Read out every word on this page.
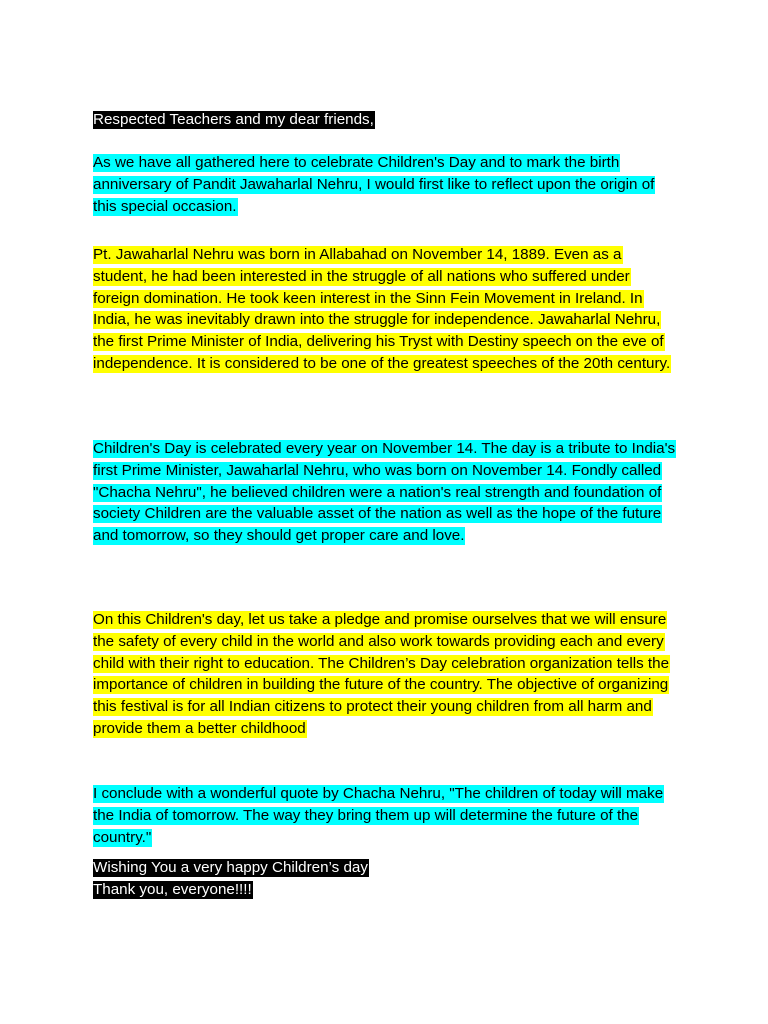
Respected Teachers and my dear friends,

As we have all gathered here to celebrate Children's Day and to mark the birth anniversary of Pandit Jawaharlal Nehru, I would first like to reflect upon the origin of this special occasion.

Pt. Jawaharlal Nehru was born in Allabahad on November 14, 1889. Even as a student, he had been interested in the struggle of all nations who suffered under foreign domination. He took keen interest in the Sinn Fein Movement in Ireland. In India, he was inevitably drawn into the struggle for independence. Jawaharlal Nehru, the first Prime Minister of India, delivering his Tryst with Destiny speech on the eve of independence. It is considered to be one of the greatest speeches of the 20th century.

Children's Day is celebrated every year on November 14. The day is a tribute to India's first Prime Minister, Jawaharlal Nehru, who was born on November 14. Fondly called "Chacha Nehru", he believed children were a nation's real strength and foundation of society Children are the valuable asset of the nation as well as the hope of the future and tomorrow, so they should get proper care and love.

On this Children's day, let us take a pledge and promise ourselves that we will ensure the safety of every child in the world and also work towards providing each and every child with their right to education. The Children’s Day celebration organization tells the importance of children in building the future of the country. The objective of organizing this festival is for all Indian citizens to protect their young children from all harm and provide them a better childhood

I conclude with a wonderful quote by Chacha Nehru, "The children of today will make the India of tomorrow. The way they bring them up will determine the future of the country."

Wishing You a very happy Children’s day
Thank you, everyone!!!!
